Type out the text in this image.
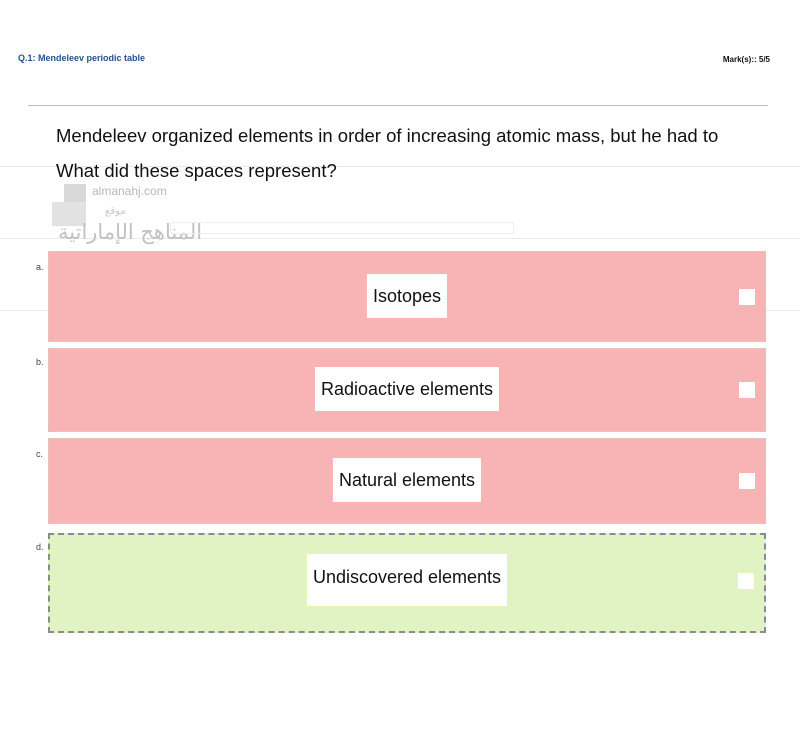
Q.1: Mendeleev periodic table	Mark(s):: 5/5
Mendeleev organized elements in order of increasing atomic mass, but he had to
What did these spaces represent?
almanahj.com
موقع
المناهج الإماراتية
a.
Isotopes
b.
Radioactive elements
c.
Natural elements
d.
Undiscovered elements
